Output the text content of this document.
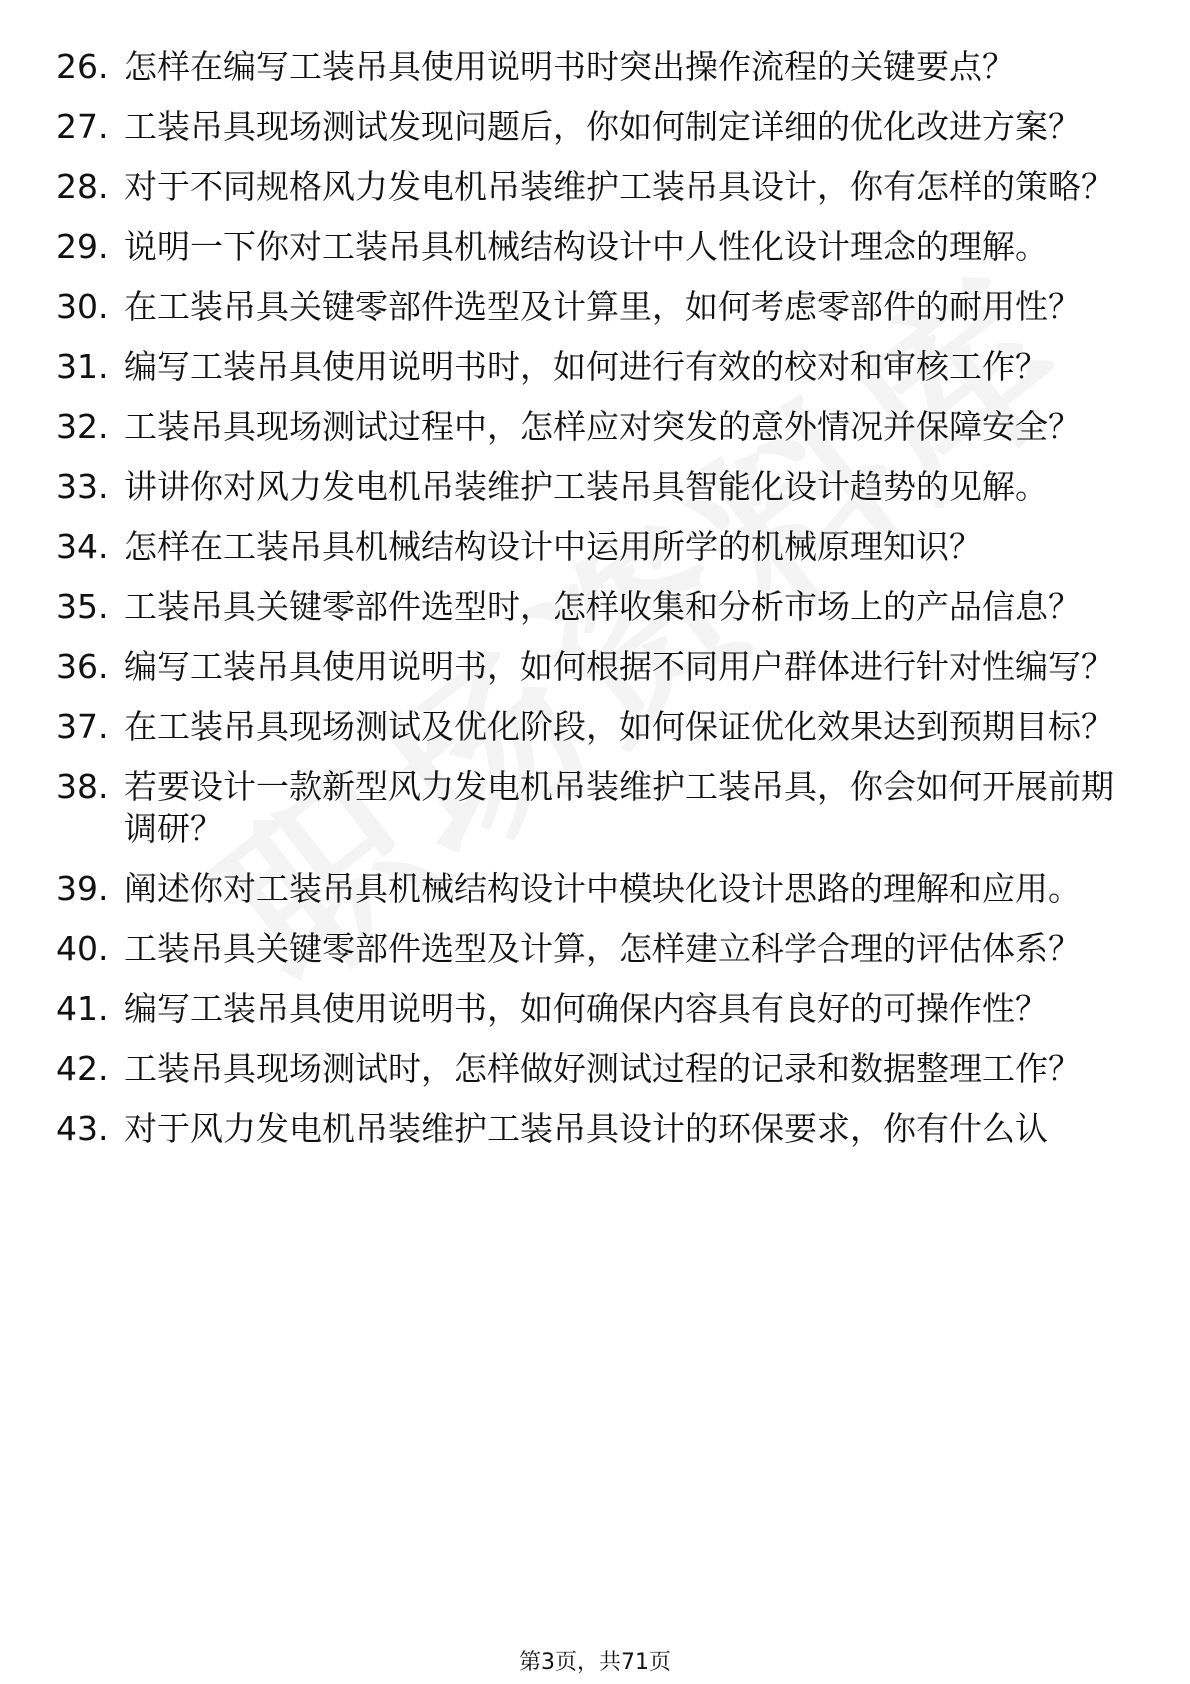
26. 怎样在编写工装吊具使用说明书时突出操作流程的关键要点？
27. 工装吊具现场测试发现问题后，你如何制定详细的优化改进方案？
28. 对于不同规格风力发电机吊装维护工装吊具设计，你有怎样的策略？
29. 说明一下你对工装吊具机械结构设计中人性化设计理念的理解。
30. 在工装吊具关键零部件选型及计算里，如何考虑零部件的耐用性？
31. 编写工装吊具使用说明书时，如何进行有效的校对和审核工作？
32. 工装吊具现场测试过程中，怎样应对突发的意外情况并保障安全？
33. 讲讲你对风力发电机吊装维护工装吊具智能化设计趋势的见解。
34. 怎样在工装吊具机械结构设计中运用所学的机械原理知识？
35. 工装吊具关键零部件选型时，怎样收集和分析市场上的产品信息？
36. 编写工装吊具使用说明书，如何根据不同用户群体进行针对性编写？
37. 在工装吊具现场测试及优化阶段，如何保证优化效果达到预期目标？
38. 若要设计一款新型风力发电机吊装维护工装吊具，你会如何开展前期调研？
39. 阐述你对工装吊具机械结构设计中模块化设计思路的理解和应用。
40. 工装吊具关键零部件选型及计算，怎样建立科学合理的评估体系？
41. 编写工装吊具使用说明书，如何确保内容具有良好的可操作性？
42. 工装吊具现场测试时，怎样做好测试过程的记录和数据整理工作？
43. 对于风力发电机吊装维护工装吊具设计的环保要求，你有什么认
第3页，共71页
